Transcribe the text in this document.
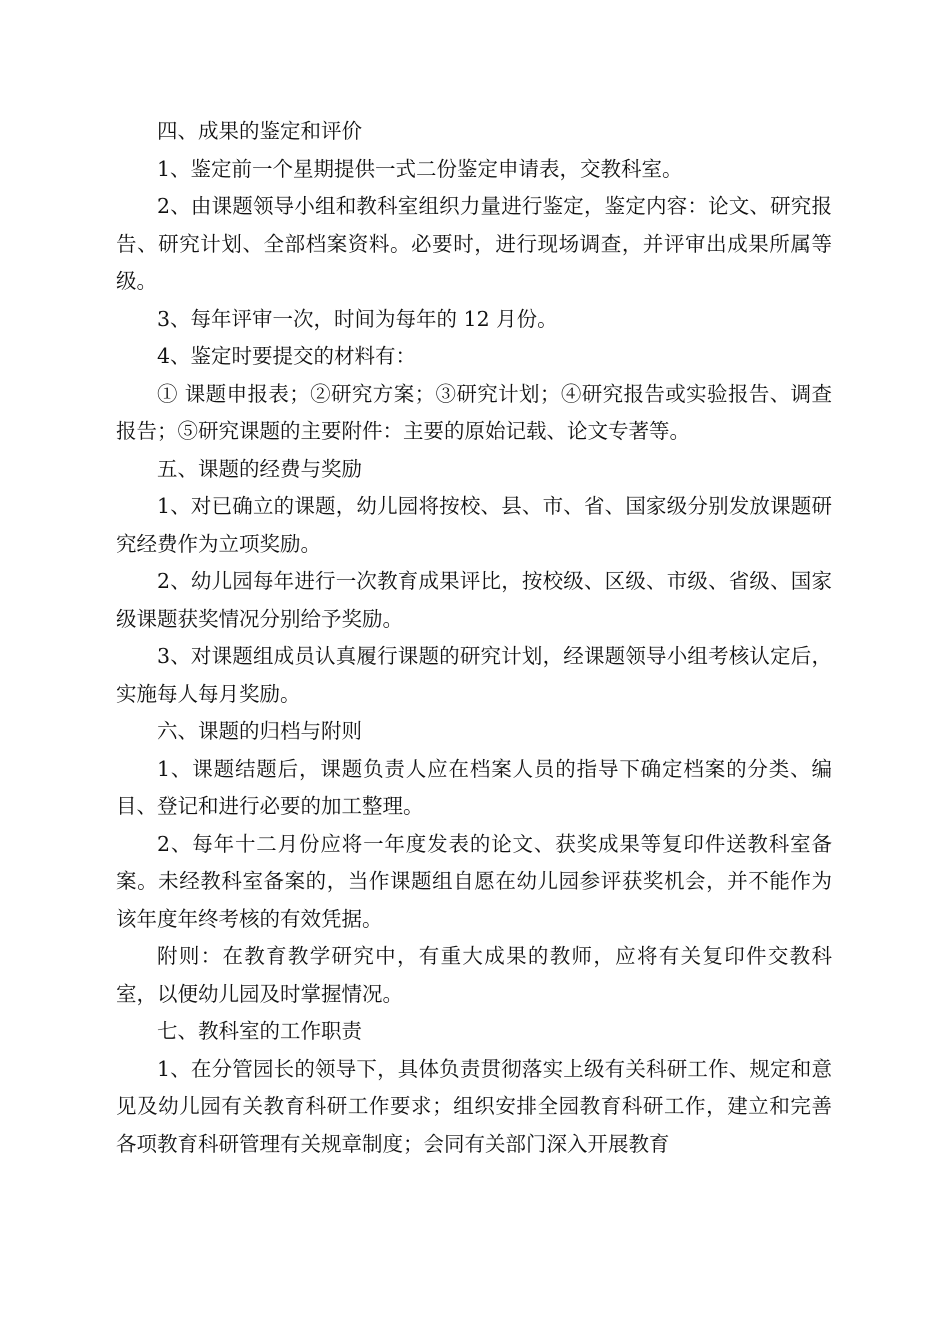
四、成果的鉴定和评价

1、鉴定前一个星期提供一式二份鉴定申请表，交教科室。

2、由课题领导小组和教科室组织力量进行鉴定，鉴定内容：论文、研究报告、研究计划、全部档案资料。必要时，进行现场调查，并评审出成果所属等级。

3、每年评审一次，时间为每年的 12 月份。

4、鉴定时要提交的材料有：

① 课题申报表；②研究方案；③研究计划；④研究报告或实验报告、调查报告；⑤研究课题的主要附件：主要的原始记载、论文专著等。

五、课题的经费与奖励

1、对已确立的课题，幼儿园将按校、县、市、省、国家级分别发放课题研究经费作为立项奖励。

2、幼儿园每年进行一次教育成果评比，按校级、区级、市级、省级、国家级课题获奖情况分别给予奖励。

3、对课题组成员认真履行课题的研究计划，经课题领导小组考核认定后，实施每人每月奖励。

六、课题的归档与附则

1、课题结题后，课题负责人应在档案人员的指导下确定档案的分类、编目、登记和进行必要的加工整理。

2、每年十二月份应将一年度发表的论文、获奖成果等复印件送教科室备案。未经教科室备案的，当作课题组自愿在幼儿园参评获奖机会，并不能作为该年度年终考核的有效凭据。

附则：在教育教学研究中，有重大成果的教师，应将有关复印件交教科室，以便幼儿园及时掌握情况。

七、教科室的工作职责

1、在分管园长的领导下，具体负责贯彻落实上级有关科研工作、规定和意见及幼儿园有关教育科研工作要求；组织安排全园教育科研工作，建立和完善各项教育科研管理有关规章制度；会同有关部门深入开展教育
